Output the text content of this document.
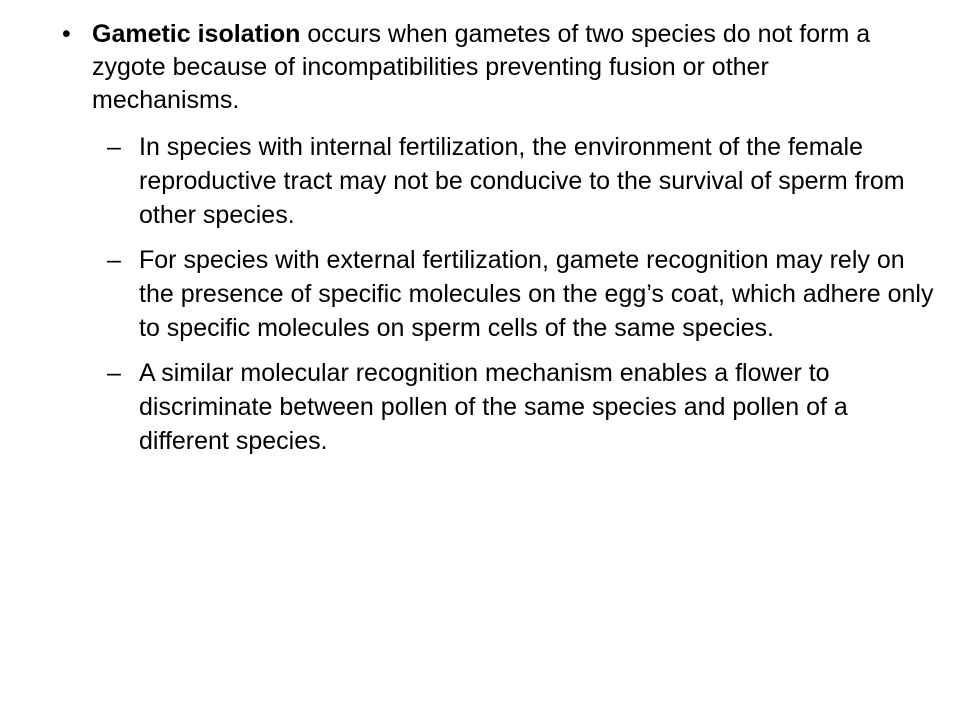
• Gametic isolation occurs when gametes of two species do not form a zygote because of incompatibilities preventing fusion or other mechanisms.
– In species with internal fertilization, the environment of the female reproductive tract may not be conducive to the survival of sperm from other species.
– For species with external fertilization, gamete recognition may rely on the presence of specific molecules on the egg’s coat, which adhere only to specific molecules on sperm cells of the same species.
– A similar molecular recognition mechanism enables a flower to discriminate between pollen of the same species and pollen of a different species.
